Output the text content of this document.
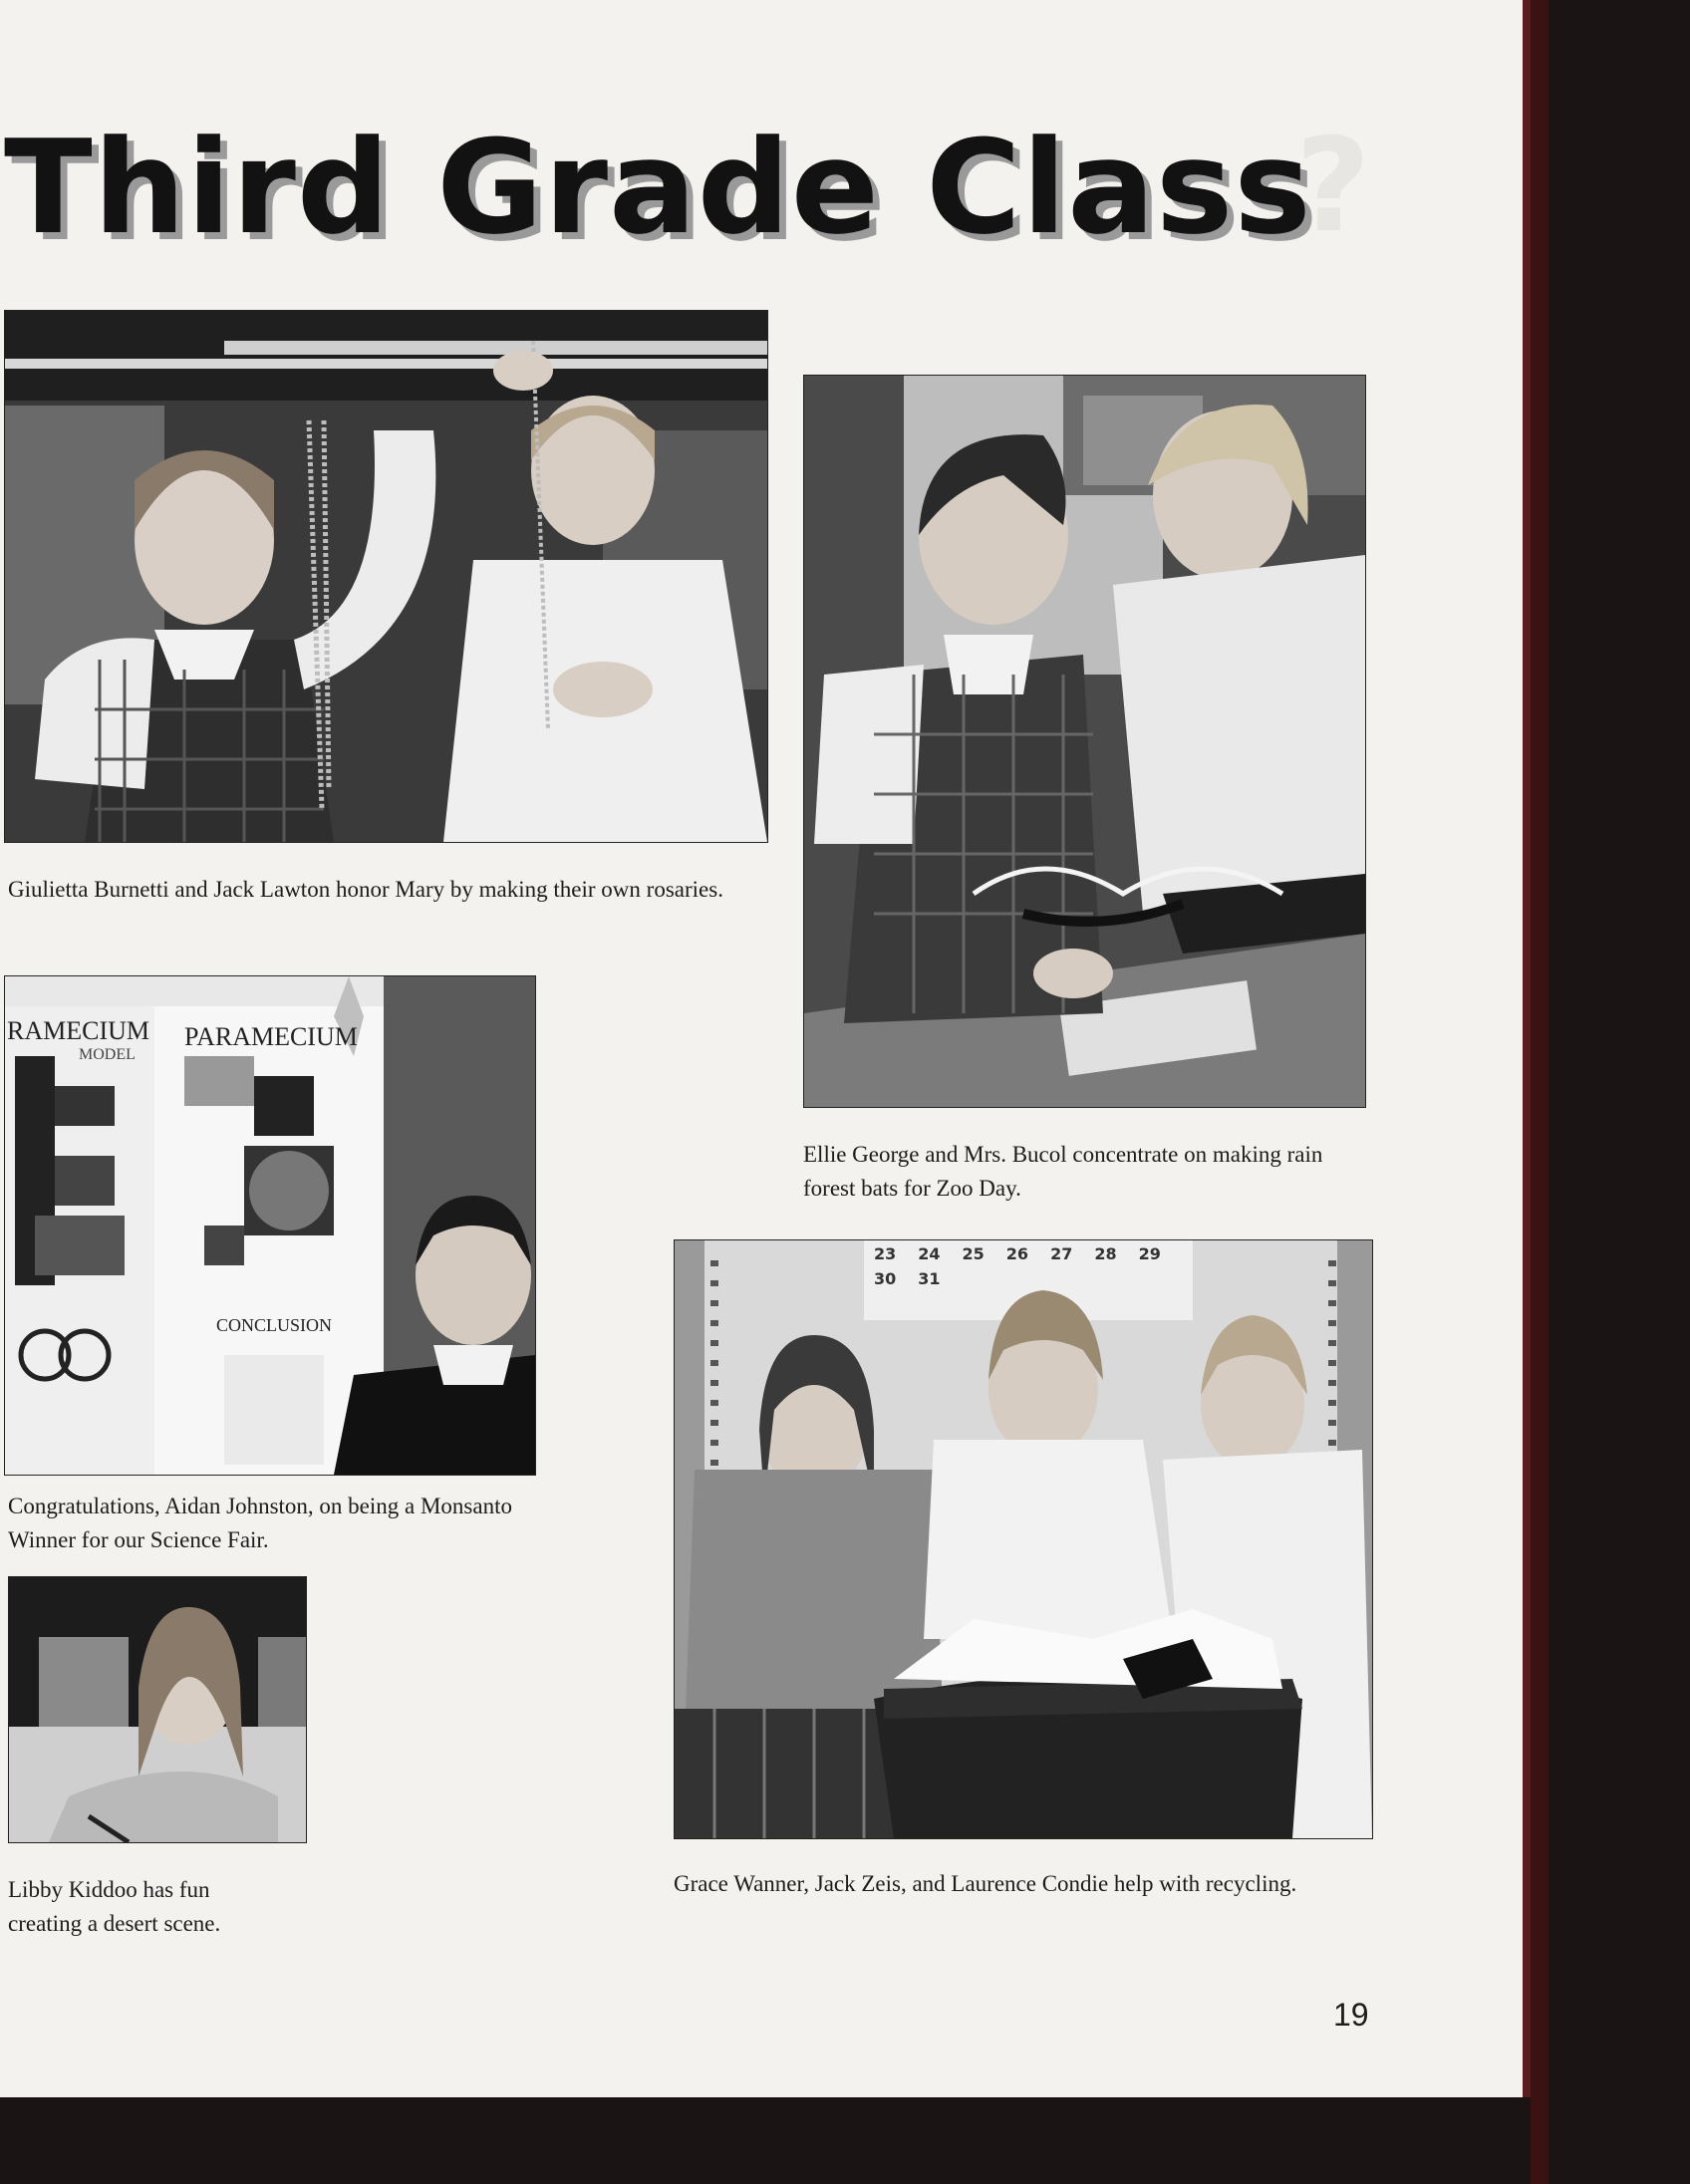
?
Third Grade Class

Giulietta Burnetti and Jack Lawton honor Mary by making their own rosaries.

Ellie George and Mrs. Bucol concentrate on making rain forest bats for Zoo Day.

RAMECIUM
MODEL
PARAMECIUM
CONCLUSION

Congratulations, Aidan Johnston, on being a Monsanto Winner for our Science Fair.

Libby Kiddoo has fun creating a desert scene.

23 24 25 26 27 28 29
30 31

Grace Wanner, Jack Zeis, and Laurence Condie help with recycling.

19
